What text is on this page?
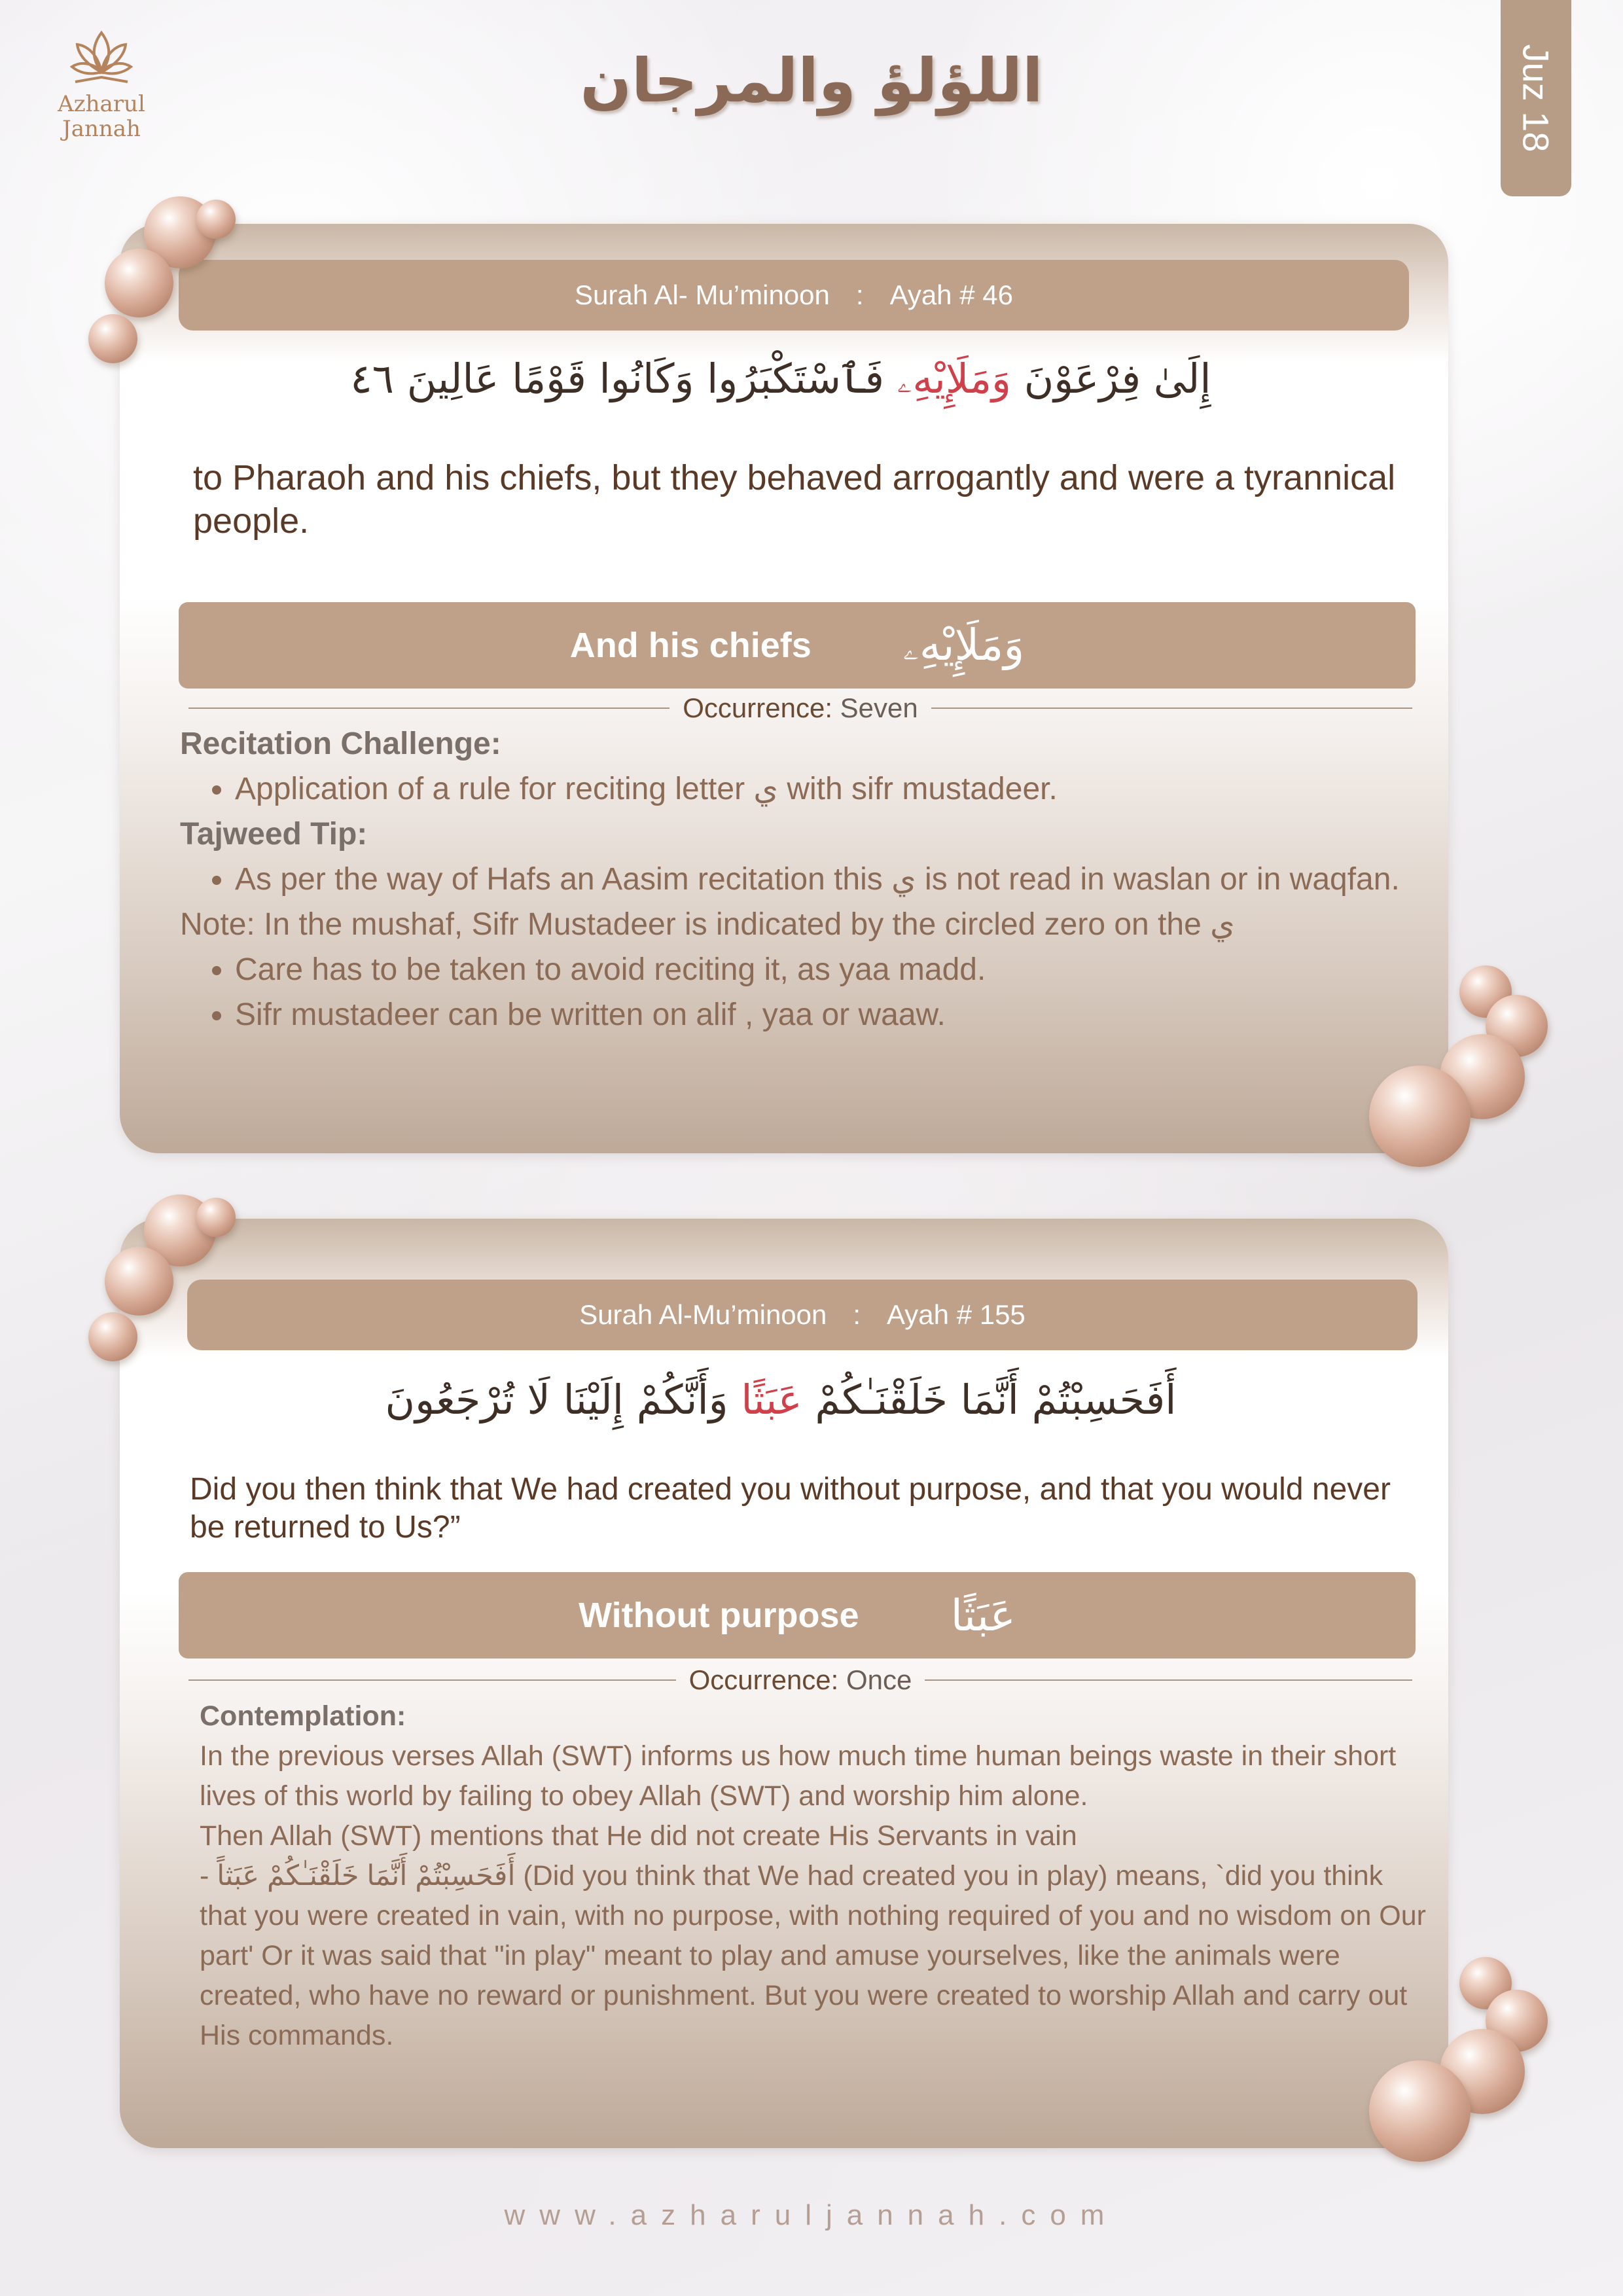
Azharul
Jannah
اللؤلؤ والمرجان	Juz 18
Surah Al- Mu’minoon : Ayah # 46
إِلَىٰ فِرْعَوْنَ وَمَلَإِيْهِۦ فَٱسْتَكْبَرُوا وَكَانُوا قَوْمًا عَالِينَ ٤٦
to Pharaoh and his chiefs, but they behaved arrogantly and were a tyrannical people.
And his chiefs وَمَلَإِيْهِۦ
Occurrence: Seven
Recitation Challenge:
• Application of a rule for reciting letter ي with sifr mustadeer.
Tajweed Tip:
• As per the way of Hafs an Aasim recitation this ي is not read in waslan or in waqfan.
Note: In the mushaf, Sifr Mustadeer is indicated by the circled zero on the ي
• Care has to be taken to avoid reciting it, as yaa madd.
• Sifr mustadeer can be written on alif , yaa or waaw.
Surah Al-Mu’minoon : Ayah # 155
أَفَحَسِبْتُمْ أَنَّمَا خَلَقْنَـٰكُمْ عَبَثًا وَأَنَّكُمْ إِلَيْنَا لَا تُرْجَعُونَ
Did you then think that We had created you without purpose, and that you would never be returned to Us?”
Without purpose عَبَثًا
Occurrence: Once
Contemplation:
In the previous verses Allah (SWT) informs us how much time human beings waste in their short lives of this world by failing to obey Allah (SWT) and worship him alone.
Then Allah (SWT) mentions that He did not create His Servants in vain
- أَفَحَسِبْتُمْ أَنَّمَا خَلَقْنَـٰكُمْ عَبَثاً (Did you think that We had created you in play) means, `did you think that you were created in vain, with no purpose, with nothing required of you and no wisdom on Our part' Or it was said that "in play" meant to play and amuse yourselves, like the animals were created, who have no reward or punishment. But you were created to worship Allah and carry out His commands.
www.azharuljannah.com
